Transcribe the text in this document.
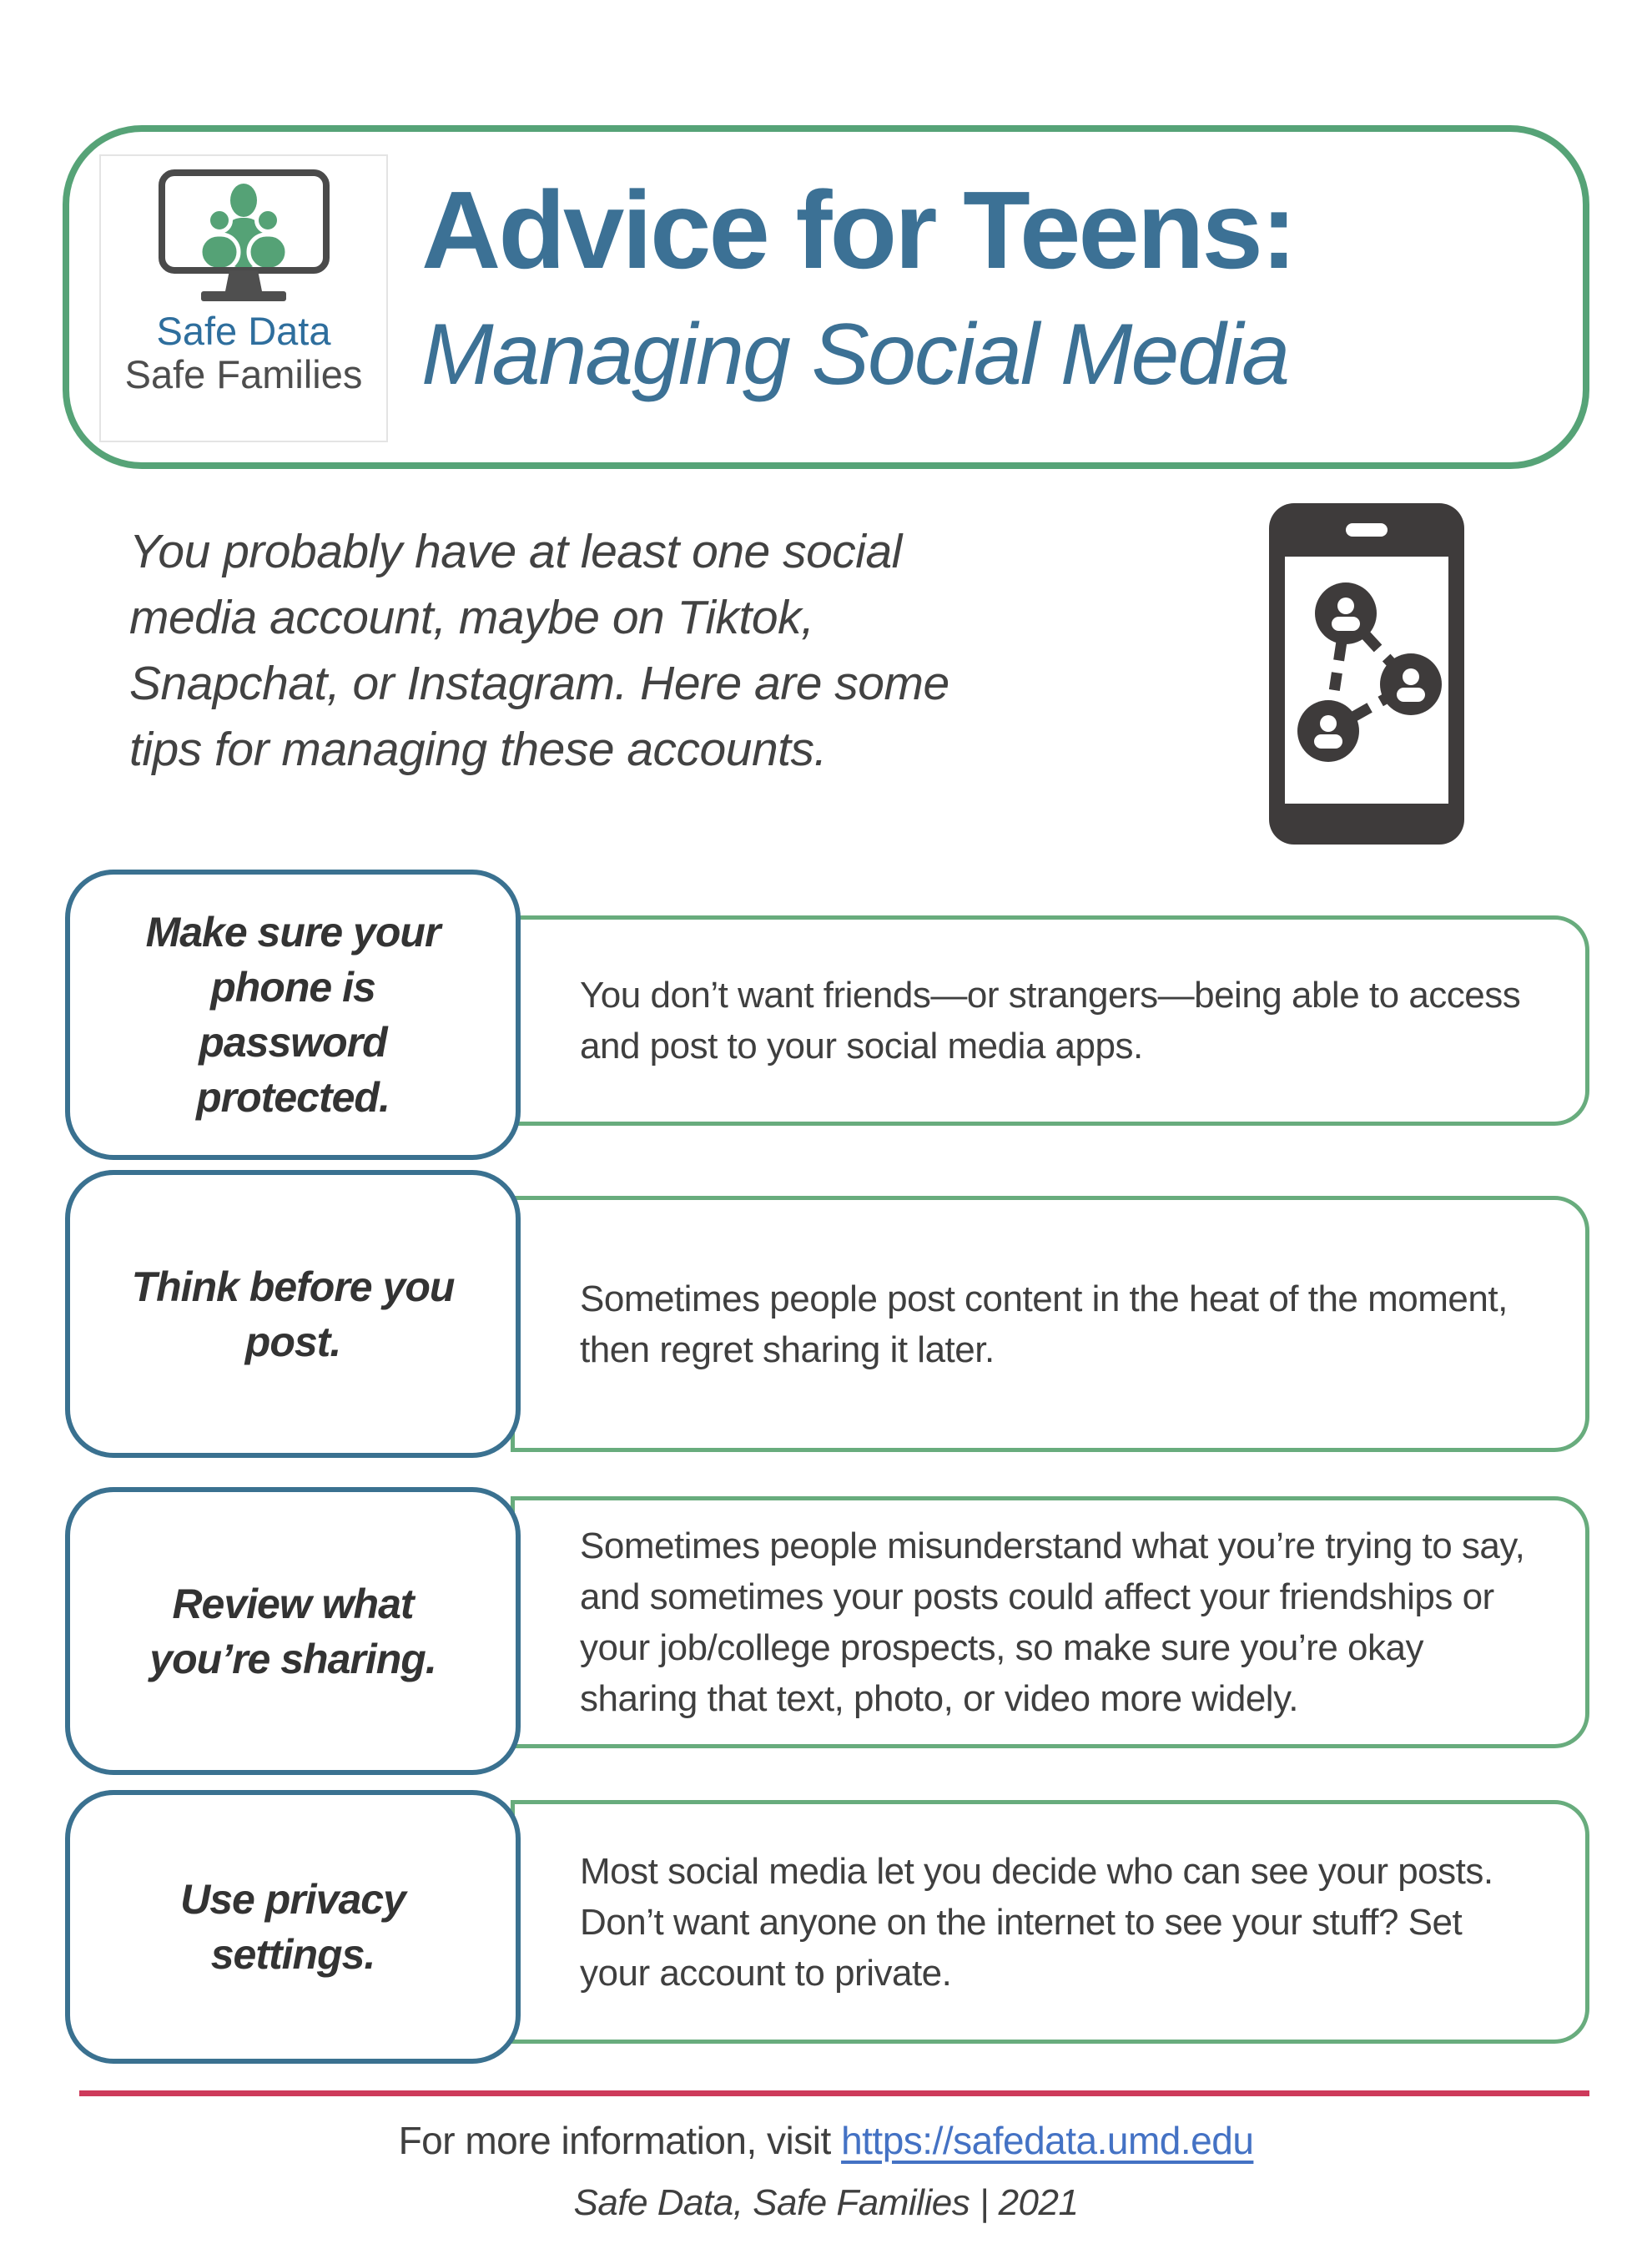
Safe Data
Safe Families
Advice for Teens:
Managing Social Media
You probably have at least one social
media account, maybe on Tiktok,
Snapchat, or Instagram. Here are some
tips for managing these accounts.

You don’t want friends—or strangers—being able to access and post to your social media apps.

Make sure your phone is password protected.

Sometimes people post content in the heat of the moment, then regret sharing it later.

Think before you post.

Sometimes people misunderstand what you’re trying to say, and sometimes your posts could affect your friendships or your job/college prospects, so make sure you’re okay sharing that text, photo, or video more widely.

Review what you’re sharing.

Most social media let you decide who can see your posts. Don’t want anyone on the internet to see your stuff? Set your account to private.

Use privacy settings.

For more information, visit https://safedata.umd.edu
Safe Data, Safe Families | 2021
